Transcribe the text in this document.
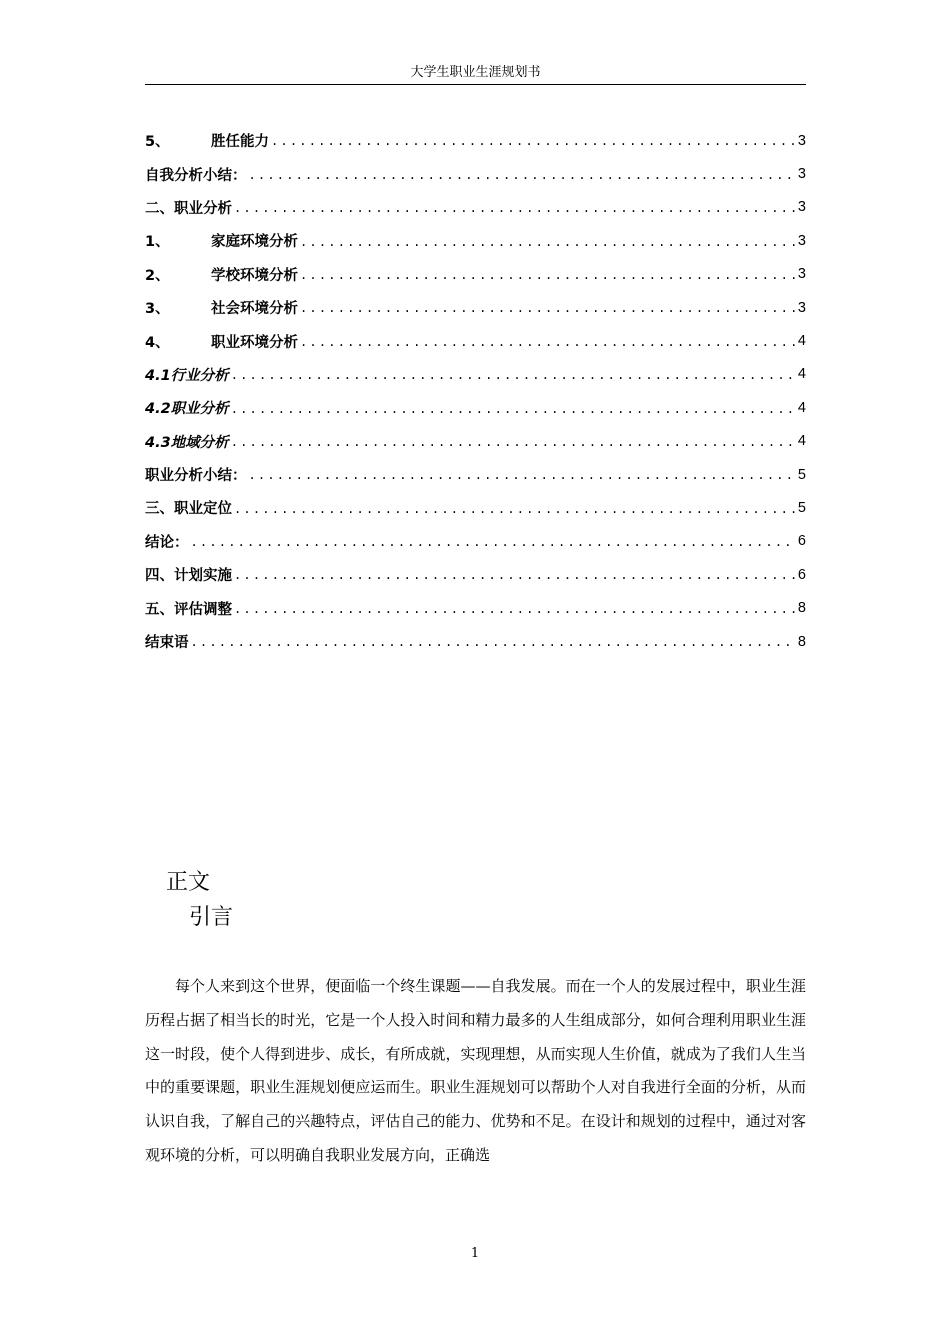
大学生职业生涯规划书
5、	胜任能力 .....	3
自我分析小结： .....	3
二、职业分析 .....	3
1、	家庭环境分析 .....	3
2、	学校环境分析 .....	3
3、	社会环境分析 .....	3
4、	职业环境分析 .....	4
4.1行业分析 .....	4
4.2职业分析 .....	4
4.3地域分析 .....	4
职业分析小结： .....	5
三、职业定位 .....	5
结论： .....	6
四、计划实施 .....	6
五、评估调整 .....	8
结束语 .....	8
正文
引言

每个人来到这个世界，便面临一个终生课题——自我发展。而在一个人的发展过程中，职业生涯历程占据了相当长的时光，它是一个人投入时间和精力最多的人生组成部分，如何合理利用职业生涯这一时段，使个人得到进步、成长，有所成就，实现理想，从而实现人生价值，就成为了我们人生当中的重要课题，职业生涯规划便应运而生。职业生涯规划可以帮助个人对自我进行全面的分析，从而认识自我，了解自己的兴趣特点，评估自己的能力、优势和不足。在设计和规划的过程中，通过对客观环境的分析，可以明确自我职业发展方向，正确选

1
